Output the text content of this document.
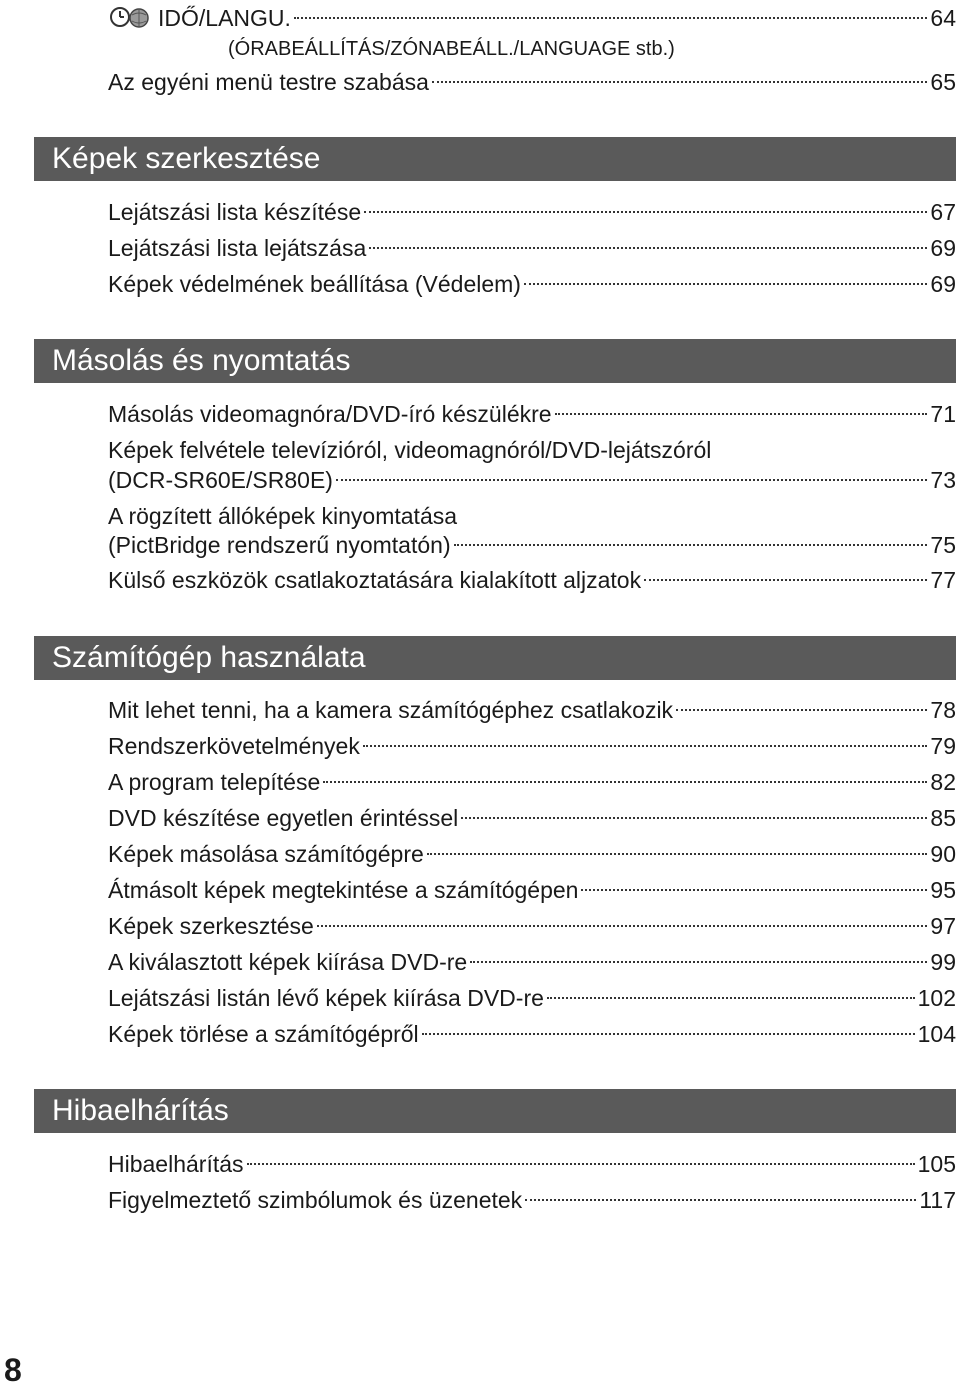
IDŐ/LANGU.	64
(ÓRABEÁLLÍTÁS/ZÓNABEÁLL./LANGUAGE stb.)
Az egyéni menü testre szabása	65
Képek szerkesztése
Lejátszási lista készítése	67
Lejátszási lista lejátszása	69
Képek védelmének beállítása (Védelem)	69
Másolás és nyomtatás
Másolás videomagnóra/DVD-író készülékre	71
Képek felvétele televízióról, videomagnóról/DVD-lejátszóról
(DCR-SR60E/SR80E)	73
A rögzített állóképek kinyomtatása
(PictBridge rendszerű nyomtatón)	75
Külső eszközök csatlakoztatására kialakított aljzatok	77
Számítógép használata
Mit lehet tenni, ha a kamera számítógéphez csatlakozik	78
Rendszerkövetelmények	79
A program telepítése	82
DVD készítése egyetlen érintéssel	85
Képek másolása számítógépre	90
Átmásolt képek megtekintése a számítógépen	95
Képek szerkesztése	97
A kiválasztott képek kiírása DVD-re	99
Lejátszási listán lévő képek kiírása DVD-re	102
Képek törlése a számítógépről	104
Hibaelhárítás
Hibaelhárítás	105
Figyelmeztető szimbólumok és üzenetek	117
8
